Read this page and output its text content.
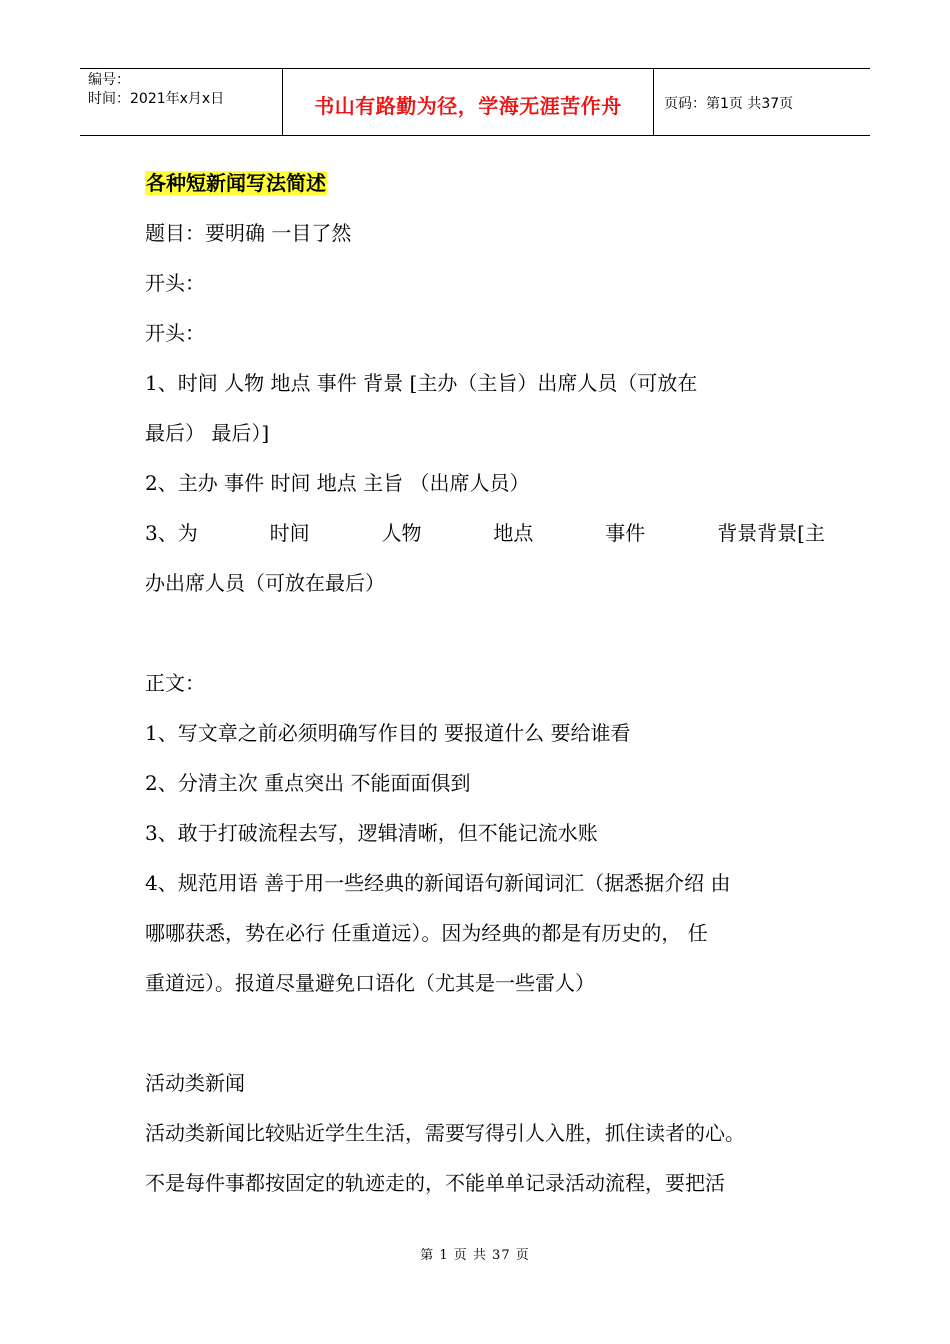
编号：
时间：2021年x月x日	书山有路勤为径，学海无涯苦作舟	页码：第1页 共37页
各种短新闻写法简述
题目：要明确 一目了然
开头：
开头：
1、时间 人物 地点 事件 背景 [主办（主旨）出席人员（可放在
最后） 最后）]
2、主办 事件 时间 地点 主旨 （出席人员）
3、为	时间	人物	地点	事件	背景背景[主
办出席人员（可放在最后）
正文：
1、写文章之前必须明确写作目的 要报道什么 要给谁看
2、分清主次 重点突出 不能面面俱到
3、敢于打破流程去写，逻辑清晰，但不能记流水账
4、规范用语 善于用一些经典的新闻语句新闻词汇（据悉据介绍 由
哪哪获悉，势在必行 任重道远）。因为经典的都是有历史的， 任
重道远）。报道尽量避免口语化（尤其是一些雷人）
活动类新闻
活动类新闻比较贴近学生生活，需要写得引人入胜，抓住读者的心。
不是每件事都按固定的轨迹走的，不能单单记录活动流程，要把活
第 1 页 共 37 页
